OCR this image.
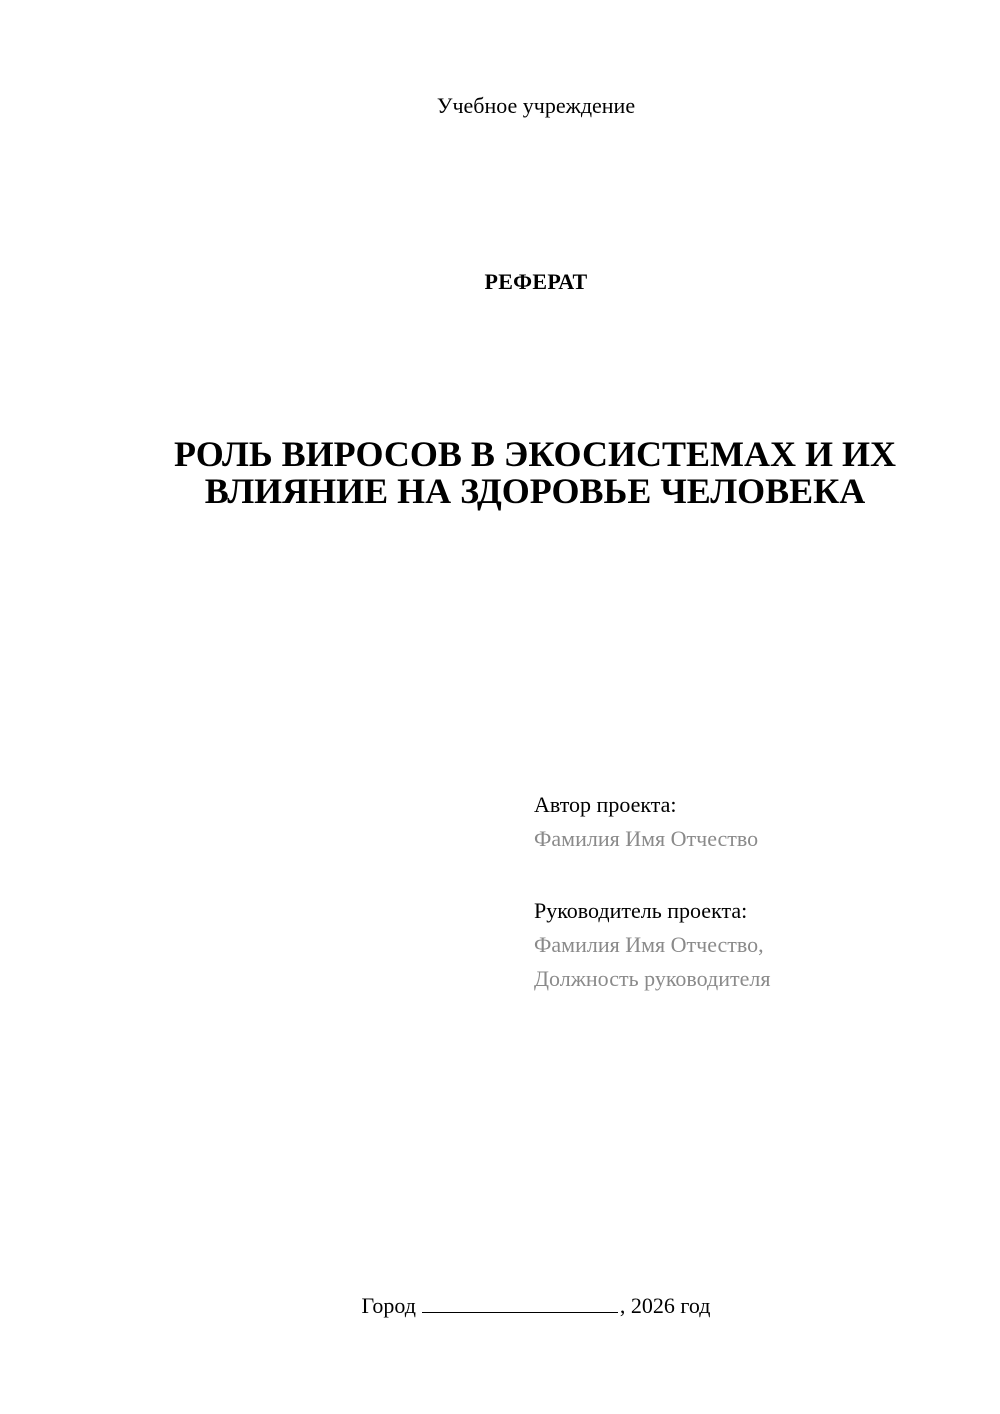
Учебное учреждение
РЕФЕРАТ
РОЛЬ ВИРОСОВ В ЭКОСИСТЕМАХ И ИХ
ВЛИЯНИЕ НА ЗДОРОВЬЕ ЧЕЛОВЕКА
Автор проекта:
Фамилия Имя Отчество
Руководитель проекта:
Фамилия Имя Отчество,
Должность руководителя
Город	, 2026 год
